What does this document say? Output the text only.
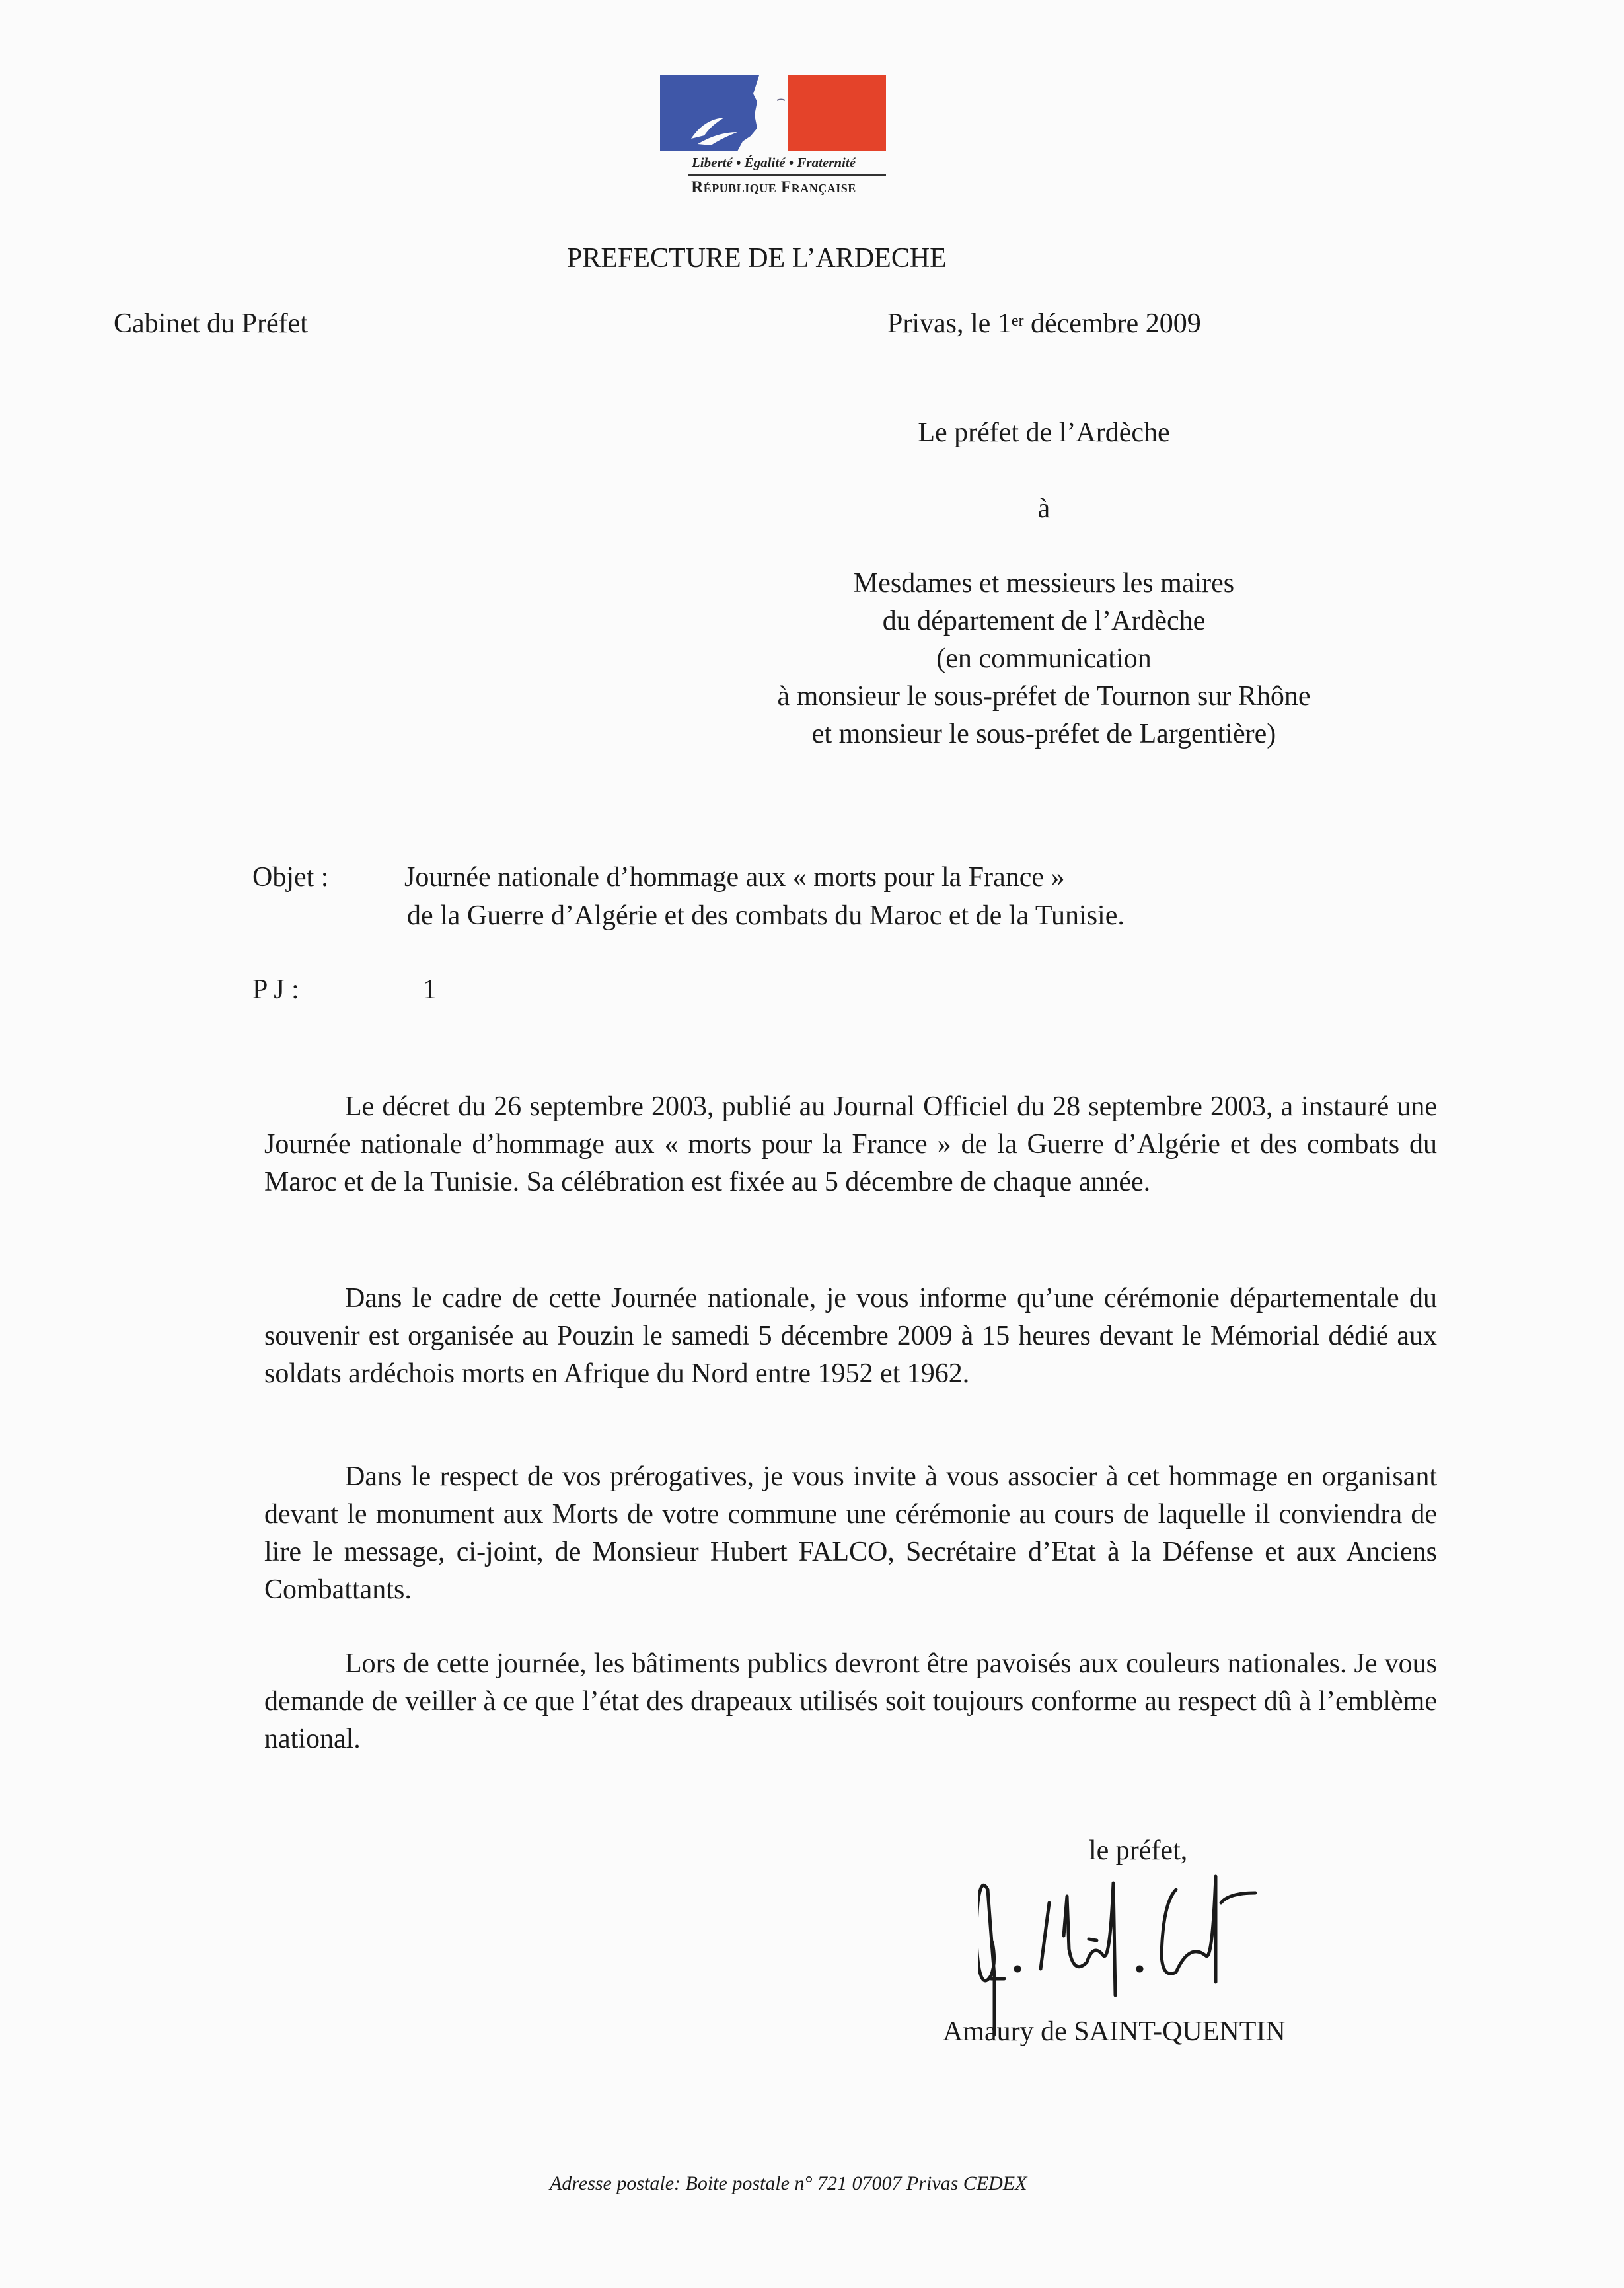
Liberté • Égalité • Fraternité
République Française
PREFECTURE DE L’ARDECHE
Cabinet du Préfet	Privas, le 1er décembre 2009
Le préfet de l’Ardèche
à
Mesdames et messieurs les maires
du département de l’Ardèche
(en communication
à monsieur le sous-préfet de Tournon sur Rhône
et monsieur le sous-préfet de Largentière)
Objet :	Journée nationale d’hommage aux « morts pour la France »
de la Guerre d’Algérie et des combats du Maroc et de la Tunisie.
P J :	1

Le décret du 26 septembre 2003, publié au Journal Officiel du 28 septembre 2003, a instauré une Journée nationale d’hommage aux « morts pour la France » de la Guerre d’Algérie et des combats du Maroc et de la Tunisie. Sa célébration est fixée au 5 décembre de chaque année.

Dans le cadre de cette Journée nationale, je vous informe qu’une cérémonie départementale du souvenir est organisée au Pouzin le samedi 5 décembre 2009 à 15 heures devant le Mémorial dédié aux soldats ardéchois morts en Afrique du Nord entre 1952 et 1962.

Dans le respect de vos prérogatives, je vous invite à vous associer à cet hommage en organisant devant le monument aux Morts de votre commune une cérémonie au cours de laquelle il conviendra de lire le message, ci-joint, de Monsieur Hubert FALCO, Secrétaire d’Etat à la Défense et aux Anciens Combattants.

Lors de cette journée, les bâtiments publics devront être pavoisés aux couleurs nationales. Je vous demande de veiller à ce que l’état des drapeaux utilisés soit toujours conforme au respect dû à l’emblème national.

le préfet,
Amaury de SAINT-QUENTIN
Adresse postale: Boite postale n° 721 07007 Privas CEDEX
